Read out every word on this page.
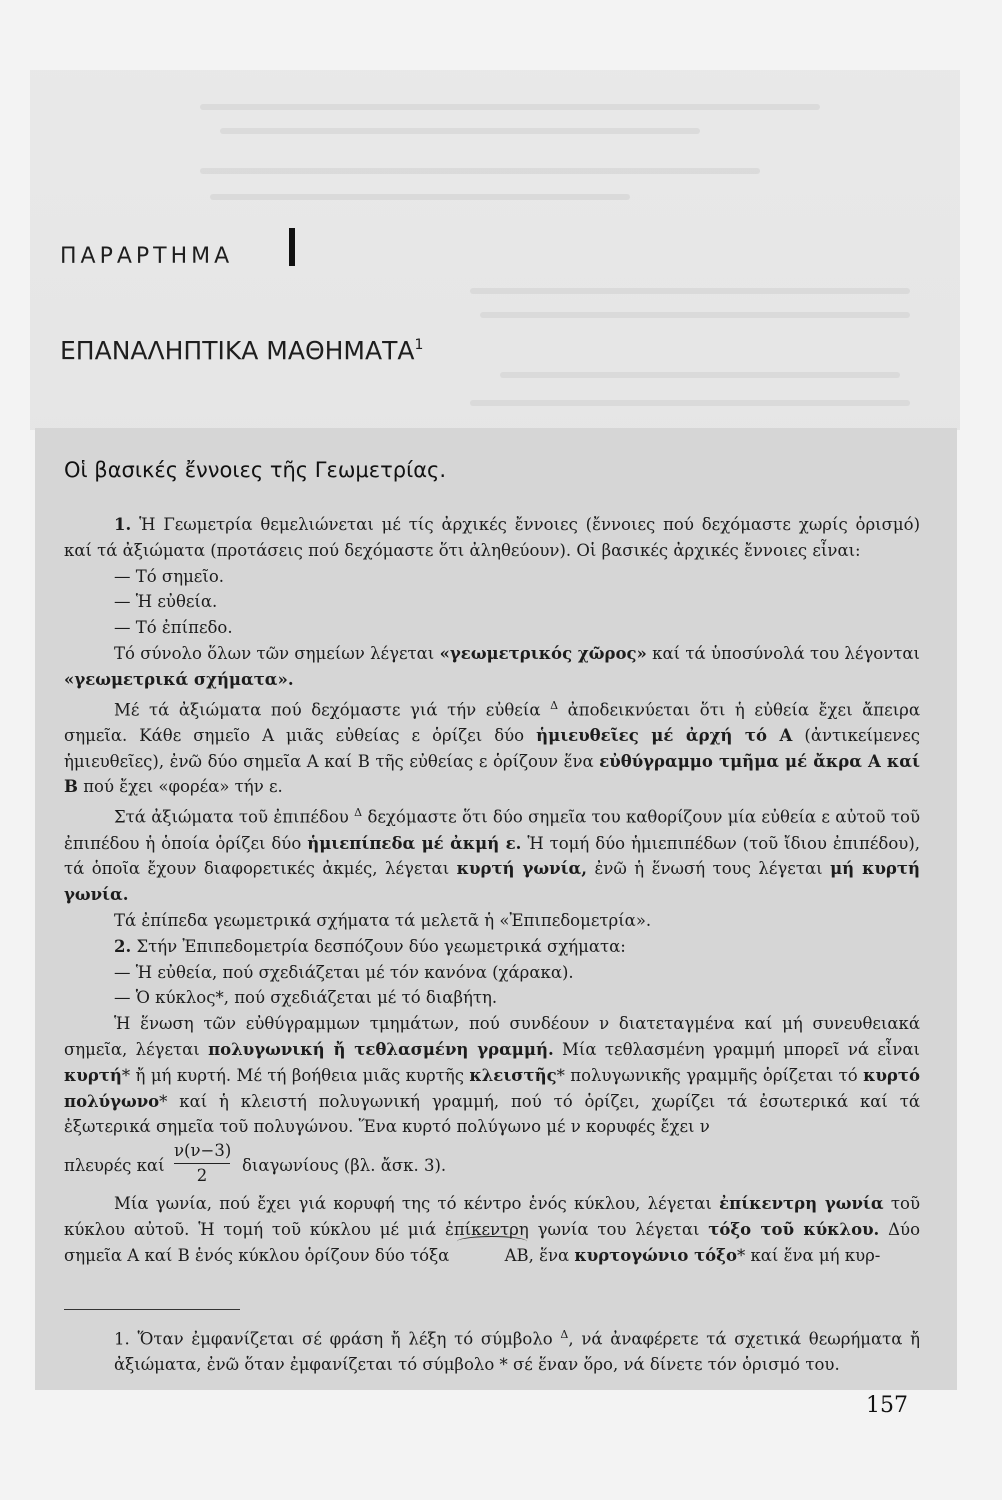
ΠΑΡΑΡΤΗΜΑ
ΕΠΑΝΑΛΗΠΤΙΚΑ ΜΑΘΗΜΑΤΑ$^1$
Οἱ βασικές ἔννοιες τῆς Γεωμετρίας.

1. Ἡ Γεωμετρία θεμελιώνεται μέ τίς ἀρχικές ἔννοιες (ἔννοιες πού δεχόμαστε χωρίς ὁρισμό) καί τά ἀξιώματα (προτάσεις πού δεχόμαστε ὅτι ἀληθεύουν). Οἱ βασικές ἀρχικές ἔννοιες εἶναι:

— Τό σημεῖο.

— Ἡ εὐθεία.

— Τό ἐπίπεδο.

Τό σύνολο ὅλων τῶν σημείων λέγεται «γεωμετρικός χῶρος» καί τά ὑποσύνολά του λέγονται «γεωμετρικά σχήματα».

Μέ τά ἀξιώματα πού δεχόμαστε γιά τήν εὐθεία $^\Delta$ ἀποδεικνύεται ὅτι ἡ εὐθεία ἔχει ἄπειρα σημεῖα. Κάθε σημεῖο Α μιᾶς εὐθείας ε ὁρίζει δύο ἡμιευθεῖες μέ ἀρχή τό Α (ἀντικείμενες ἡμιευθεῖες), ἐνῶ δύο σημεῖα Α καί Β τῆς εὐθείας ε ὁρίζουν ἕνα εὐθύγραμμο τμῆμα μέ ἄκρα Α καί Β πού ἔχει «φορέα» τήν ε.

Στά ἀξιώματα τοῦ ἐπιπέδου $^\Delta$ δεχόμαστε ὅτι δύο σημεῖα του καθορίζουν μία εὐθεία ε αὐτοῦ τοῦ ἐπιπέδου ἡ ὁποία ὁρίζει δύο ἡμιεπίπεδα μέ ἀκμή ε. Ἡ τομή δύο ἡμιεπιπέδων (τοῦ ἴδιου ἐπιπέδου), τά ὁποῖα ἔχουν διαφορετικές ἀκμές, λέγεται κυρτή γωνία, ἐνῶ ἡ ἕνωσή τους λέγεται μή κυρτή γωνία.

Τά ἐπίπεδα γεωμετρικά σχήματα τά μελετᾶ ἡ «Ἐπιπεδομετρία».

2. Στήν Ἐπιπεδομετρία δεσπόζουν δύο γεωμετρικά σχήματα:

— Ἡ εὐθεία, πού σχεδιάζεται μέ τόν κανόνα (χάρακα).

— Ὁ κύκλος*, πού σχεδιάζεται μέ τό διαβήτη.

Ἡ ἕνωση τῶν εὐθύγραμμων τμημάτων, πού συνδέουν ν διατεταγμένα καί μή συνευθειακά σημεῖα, λέγεται πολυγωνική ἤ τεθλασμένη γραμμή. Μία τεθλασμένη γραμμή μπορεῖ νά εἶναι κυρτή* ἤ μή κυρτή. Μέ τή βοήθεια μιᾶς κυρτῆς κλειστῆς* πολυγωνικῆς γραμμῆς ὁρίζεται τό κυρτό πολύγωνο* καί ἡ κλειστή πολυγωνική γραμμή, πού τό ὁρίζει, χωρίζει τά ἐσωτερικά καί τά ἐξωτερικά σημεῖα τοῦ πολυγώνου. Ἕνα κυρτό πολύγωνο μέ ν κορυφές ἔχει ν

πλευρές καί
ν(ν−3)
2
διαγωνίους (βλ. ἄσκ. 3).

Μία γωνία, πού ἔχει γιά κορυφή της τό κέντρο ἑνός κύκλου, λέγεται ἐπίκεντρη γωνία τοῦ κύκλου αὐτοῦ. Ἡ τομή τοῦ κύκλου μέ μιά ἐπίκεντρη γωνία του λέγεται τόξο τοῦ κύκλου. Δύο σημεῖα Α καί Β ἑνός κύκλου ὁρίζουν δύο τόξα	ΑΒ, ἕνα κυρτογώνιο τόξο* καί ἕνα μή κυρ-

1. Ὅταν ἐμφανίζεται σέ φράση ἤ λέξη τό σύμβολο $^\Delta$, νά ἀναφέρετε τά σχετικά θεωρήματα ἤ ἀξιώματα, ἐνῶ ὅταν ἐμφανίζεται τό σύμβολο * σέ ἕναν ὅρο, νά δίνετε τόν ὁρισμό του.
157
